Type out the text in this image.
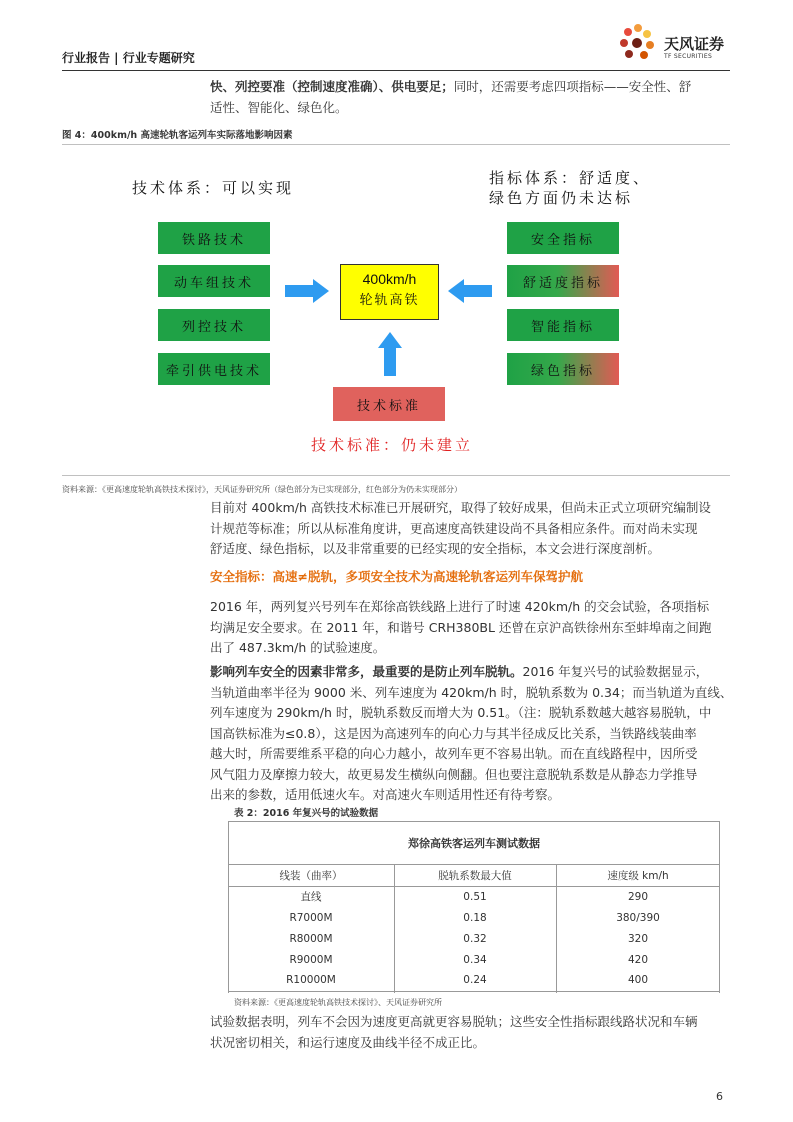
行业报告 | 行业专题研究
天风证券
TF SECURITIES
快、列控要准（控制速度准确）、供电要足；同时，还需要考虑四项指标——安全性、舒
适性、智能化、绿色化。
图 4：400km/h 高速轮轨客运列车实际落地影响因素
技术体系：可以实现
指标体系：舒适度、
绿色方面仍未达标
铁路技术
动车组技术
列控技术
牵引供电技术
安全指标
舒适度指标
智能指标
绿色指标
400km/h
轮轨高铁
技术标准
技术标准：仍未建立
资料来源：《更高速度轮轨高铁技术探讨》，天风证券研究所（绿色部分为已实现部分，红色部分为仍未实现部分）
目前对 400km/h 高铁技术标准已开展研究，取得了较好成果，但尚未正式立项研究编制设
计规范等标准；所以从标准角度讲，更高速度高铁建设尚不具备相应条件。而对尚未实现
舒适度、绿色指标，以及非常重要的已经实现的安全指标，本文会进行深度剖析。
安全指标：高速≠脱轨，多项安全技术为高速轮轨客运列车保驾护航
2016 年，两列复兴号列车在郑徐高铁线路上进行了时速 420km/h 的交会试验，各项指标
均满足安全要求。在 2011 年，和谐号 CRH380BL 还曾在京沪高铁徐州东至蚌埠南之间跑
出了 487.3km/h 的试验速度。
影响列车安全的因素非常多，最重要的是防止列车脱轨。2016 年复兴号的试验数据显示，
当轨道曲率半径为 9000 米、列车速度为 420km/h 时，脱轨系数为 0.34；而当轨道为直线、
列车速度为 290km/h 时，脱轨系数反而增大为 0.51。（注：脱轨系数越大越容易脱轨，中
国高铁标准为≤0.8），这是因为高速列车的向心力与其半径成反比关系，当铁路线装曲率
越大时，所需要维系平稳的向心力越小，故列车更不容易出轨。而在直线路程中，因所受
风气阻力及摩擦力较大，故更易发生横纵向侧翻。但也要注意脱轨系数是从静态力学推导
出来的参数，适用低速火车。对高速火车则适用性还有待考察。
表 2：2016 年复兴号的试验数据
郑徐高铁客运列车测试数据		
线装（曲率）	脱轨系数最大值	速度级 km/h
直线	0.51	290
R7000M	0.18	380/390
R8000M	0.32	320
R9000M	0.34	420
R10000M	0.24	400
资料来源：《更高速度轮轨高铁技术探讨》、天风证券研究所
试验数据表明，列车不会因为速度更高就更容易脱轨；这些安全性指标跟线路状况和车辆
状况密切相关，和运行速度及曲线半径不成正比。
6
